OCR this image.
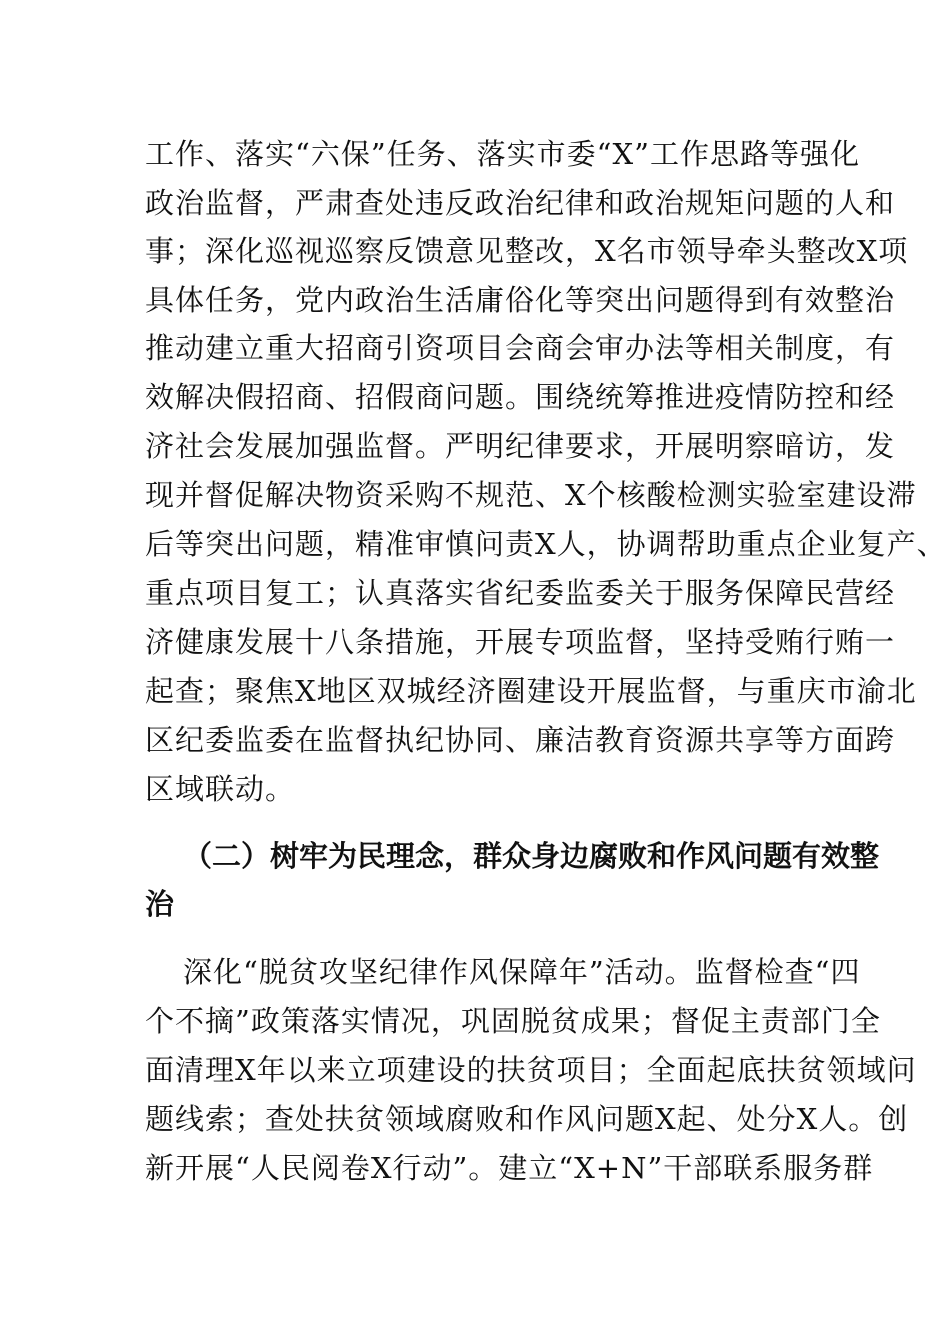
工作、落实“六保”任务、落实市委“X”工作思路等强化
政治监督，严肃查处违反政治纪律和政治规矩问题的人和
事；深化巡视巡察反馈意见整改，X名市领导牵头整改X项
具体任务，党内政治生活庸俗化等突出问题得到有效整治
推动建立重大招商引资项目会商会审办法等相关制度，有
效解决假招商、招假商问题。围绕统筹推进疫情防控和经
济社会发展加强监督。严明纪律要求，开展明察暗访，发
现并督促解决物资采购不规范、X个核酸检测实验室建设滞
后等突出问题，精准审慎问责X人，协调帮助重点企业复产、
重点项目复工；认真落实省纪委监委关于服务保障民营经
济健康发展十八条措施，开展专项监督，坚持受贿行贿一
起查；聚焦X地区双城经济圈建设开展监督，与重庆市渝北
区纪委监委在监督执纪协同、廉洁教育资源共享等方面跨
区域联动。
（二）树牢为民理念，群众身边腐败和作风问题有效整
治
深化“脱贫攻坚纪律作风保障年”活动。监督检查“四
个不摘”政策落实情况，巩固脱贫成果；督促主责部门全
面清理X年以来立项建设的扶贫项目；全面起底扶贫领域问
题线索；查处扶贫领域腐败和作风问题X起、处分X人。创
新开展“人民阅卷X行动”。建立“X+N”干部联系服务群
